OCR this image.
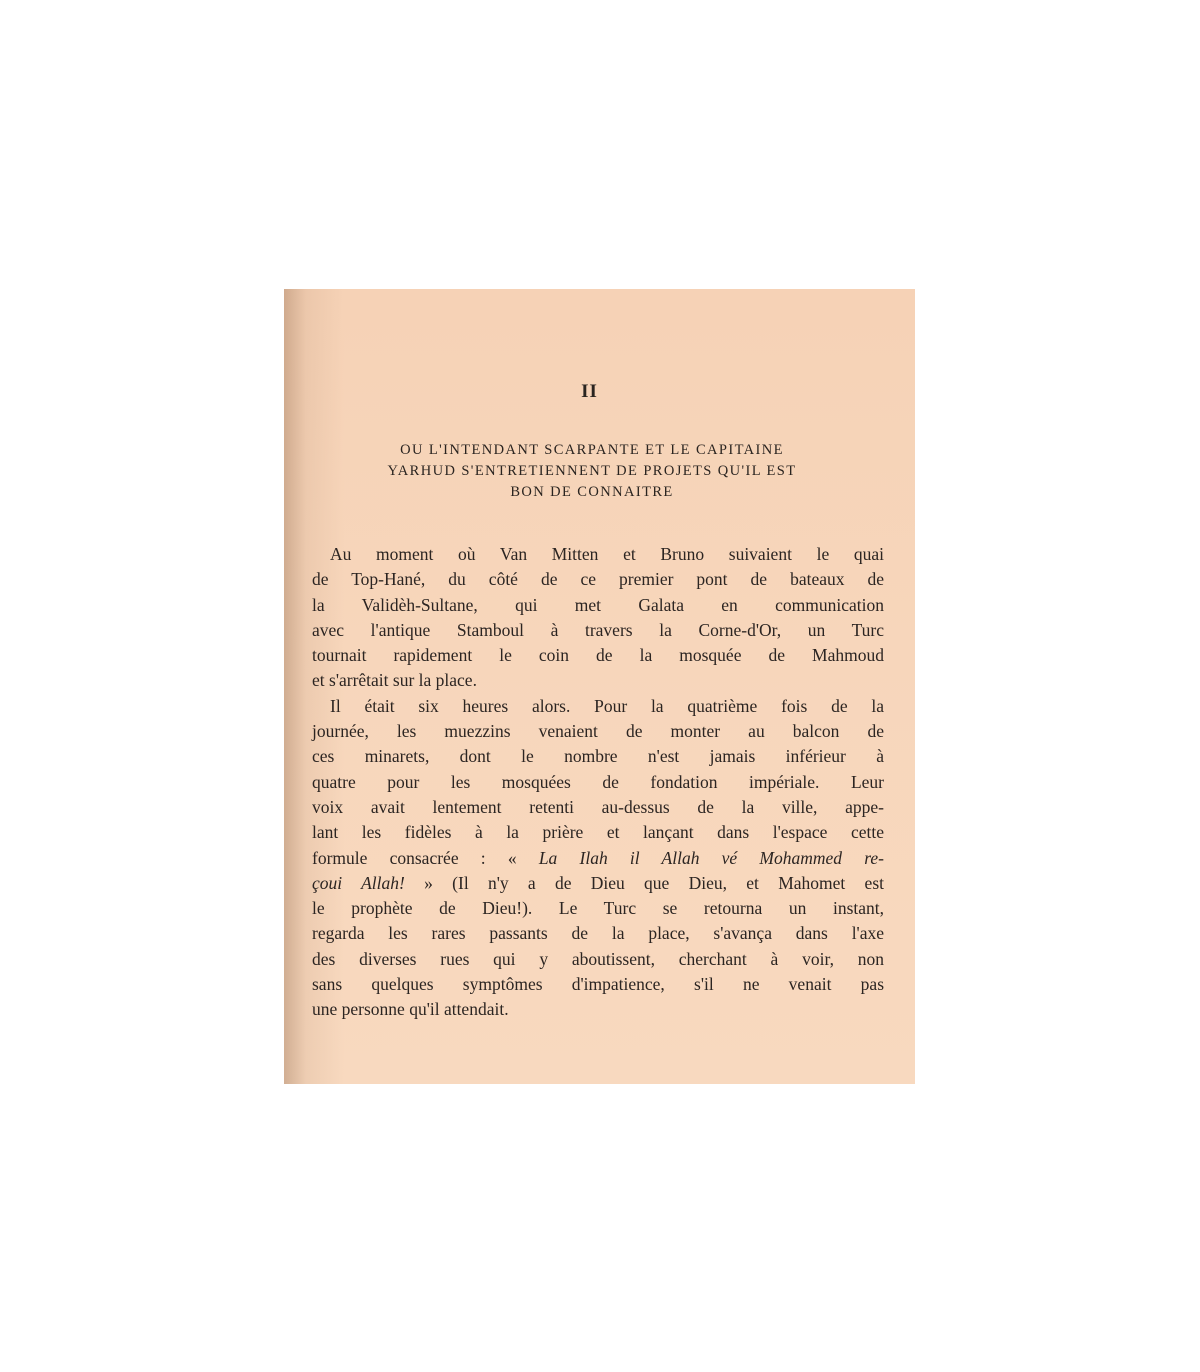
II
OU L'INTENDANT SCARPANTE ET LE CAPITAINE
YARHUD S'ENTRETIENNENT DE PROJETS QU'IL EST
BON DE CONNAITRE
Au moment où Van Mitten et Bruno suivaient le quai
de Top-Hané, du côté de ce premier pont de bateaux de
la Validèh-Sultane, qui met Galata en communication
avec l'antique Stamboul à travers la Corne-d'Or, un Turc
tournait rapidement le coin de la mosquée de Mahmoud
et s'arrêtait sur la place.
Il était six heures alors. Pour la quatrième fois de la
journée, les muezzins venaient de monter au balcon de
ces minarets, dont le nombre n'est jamais inférieur à
quatre pour les mosquées de fondation impériale. Leur
voix avait lentement retenti au-dessus de la ville, appe-
lant les fidèles à la prière et lançant dans l'espace cette
formule consacrée : « La Ilah il Allah vé Mohammed re-
çoui Allah! » (Il n'y a de Dieu que Dieu, et Mahomet est
le prophète de Dieu!). Le Turc se retourna un instant,
regarda les rares passants de la place, s'avança dans l'axe
des diverses rues qui y aboutissent, cherchant à voir, non
sans quelques symptômes d'impatience, s'il ne venait pas
une personne qu'il attendait.
